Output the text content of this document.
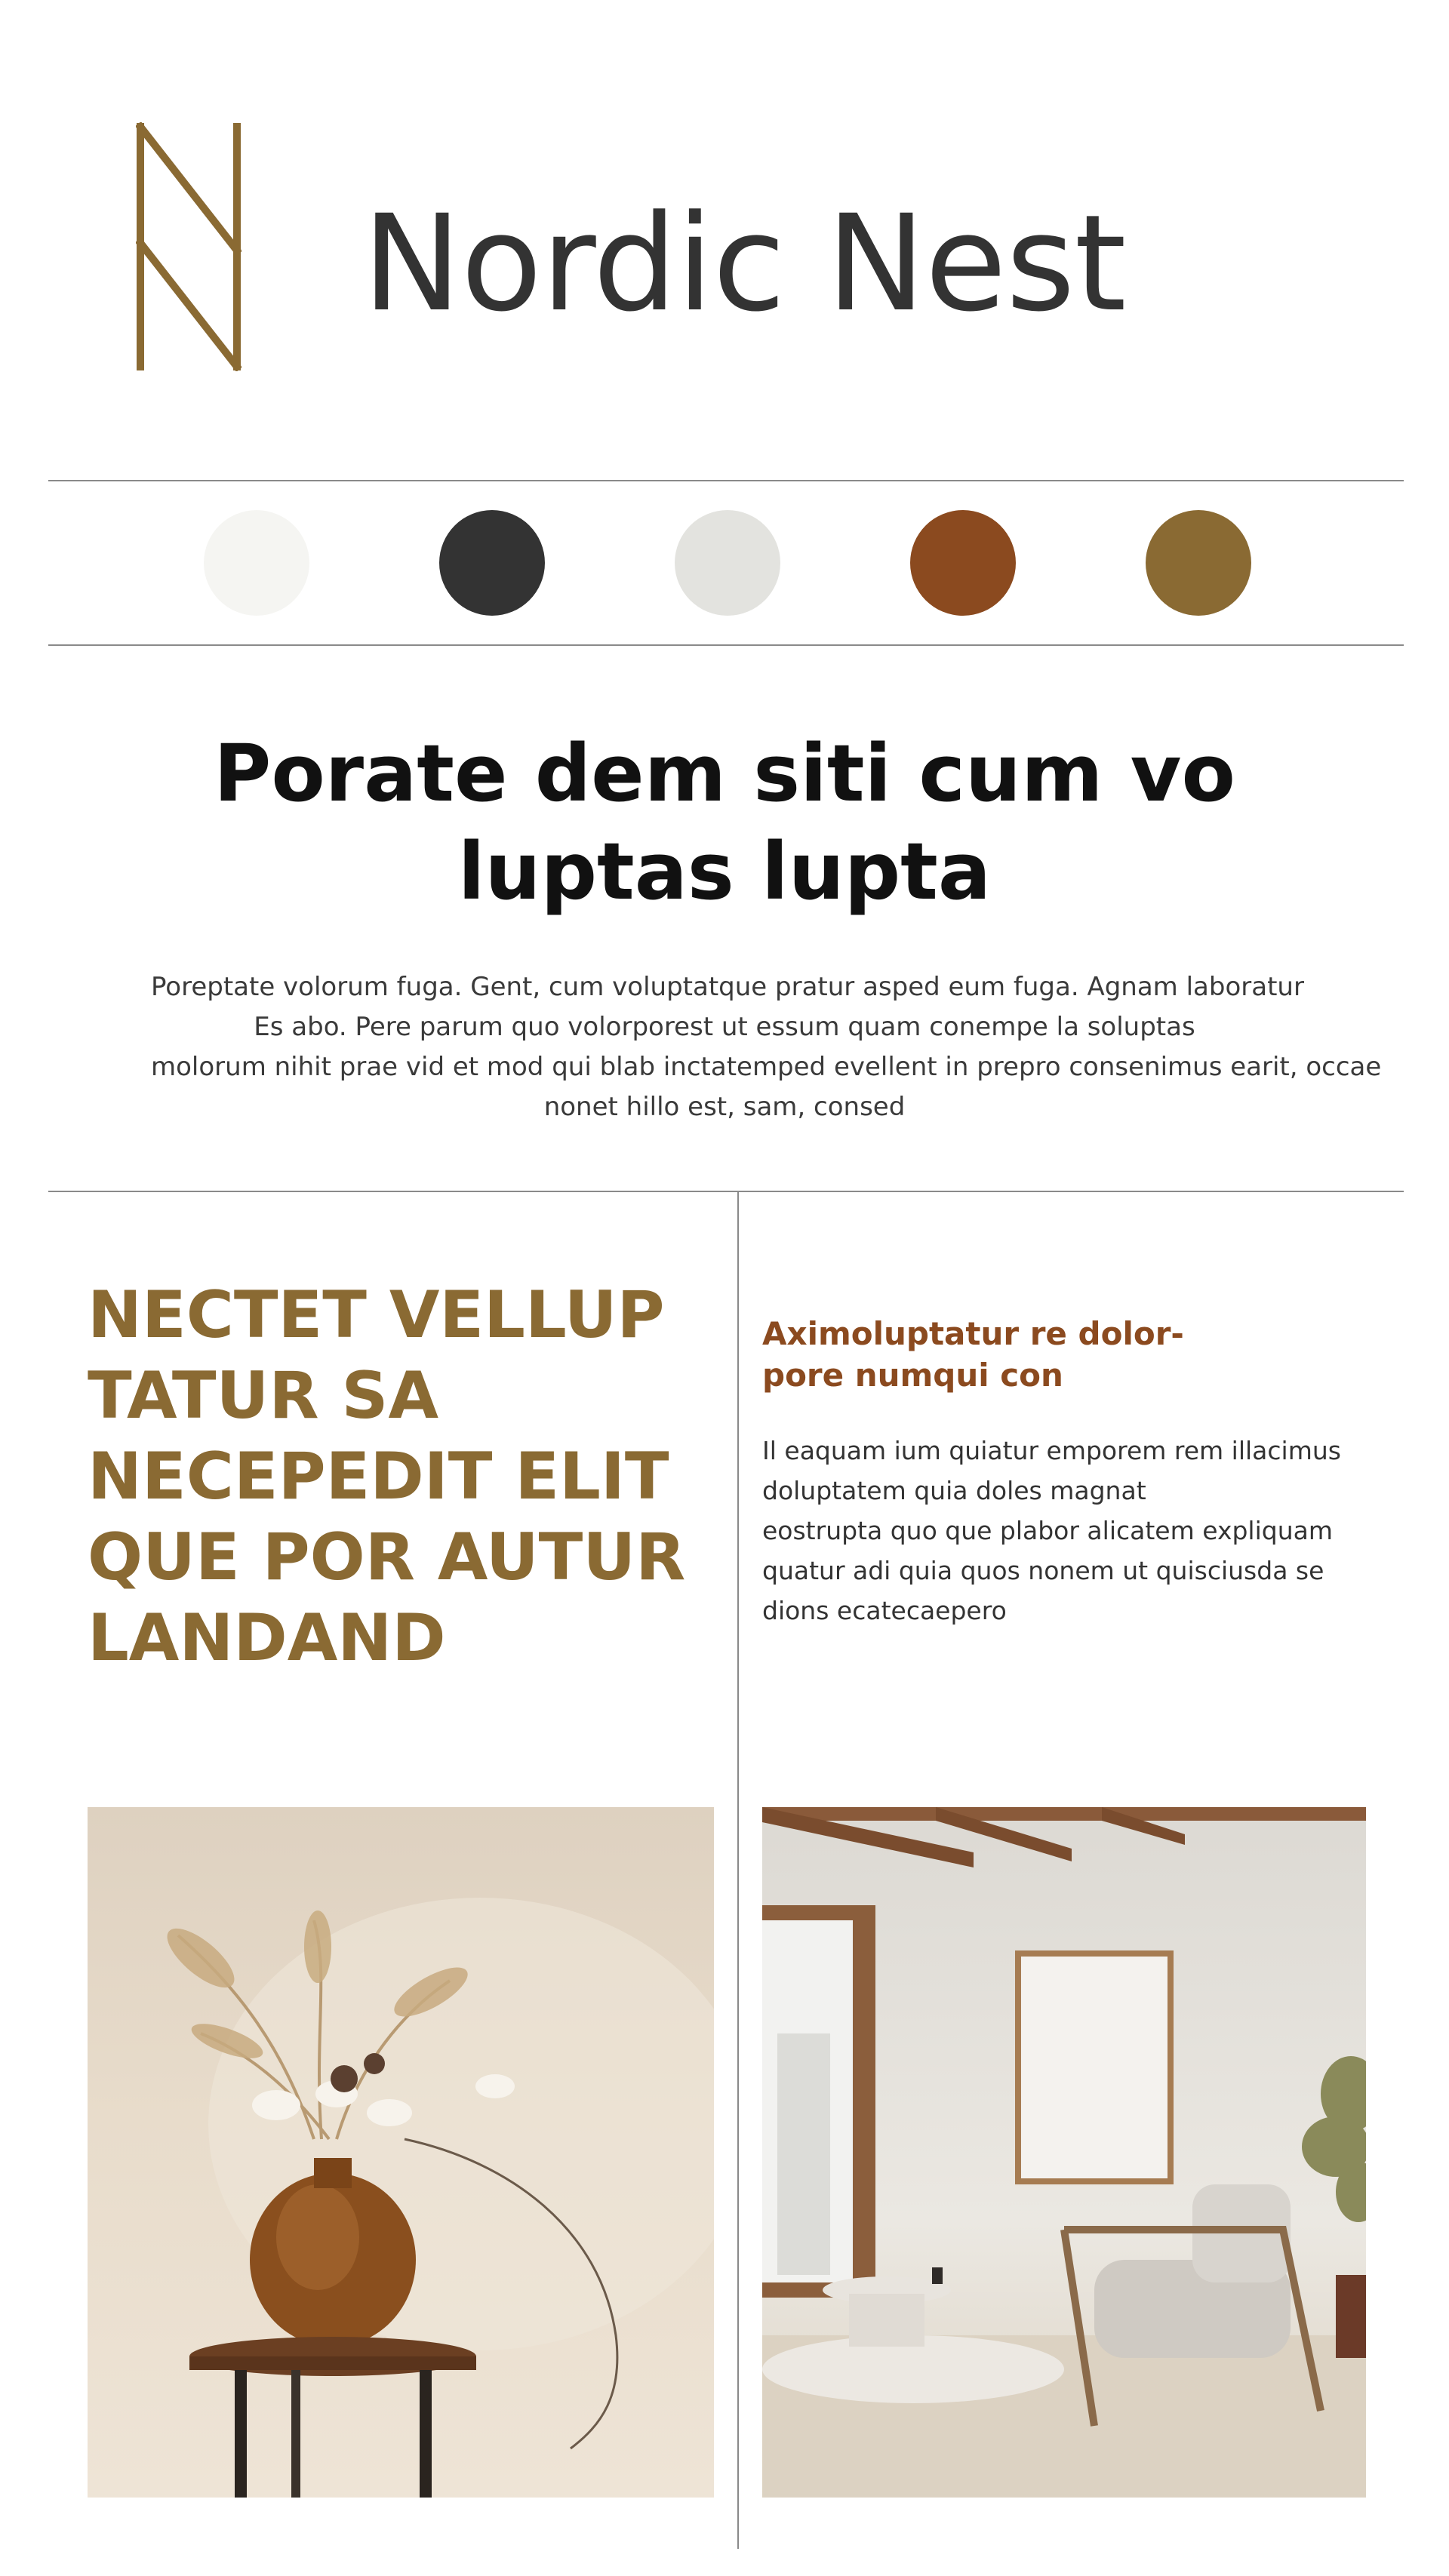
Nordic Nest
Porate dem siti cum vo
luptas lupta

Poreptate volorum fuga. Gent, cum voluptatque pratur asped eum fuga. Agnam laboratur
Es abo. Pere parum quo volorporest ut essum quam conempe la soluptas
molorum nihit prae vid et mod qui blab inctatemped evellent in prepro consenimus earit, occae
nonet hillo est, sam, consed

NECTET VELLUP
TATUR SA
NECEPEDIT ELIT
QUE POR AUTUR
LANDAND
Aximoluptatur re dolor-
pore numqui con

Il eaquam ium quiatur emporem rem illacimus
doluptatem quia doles magnat
eostrupta quo que plabor alicatem expliquam
quatur adi quia quos nonem ut quisciusda se
dions ecatecaepero
